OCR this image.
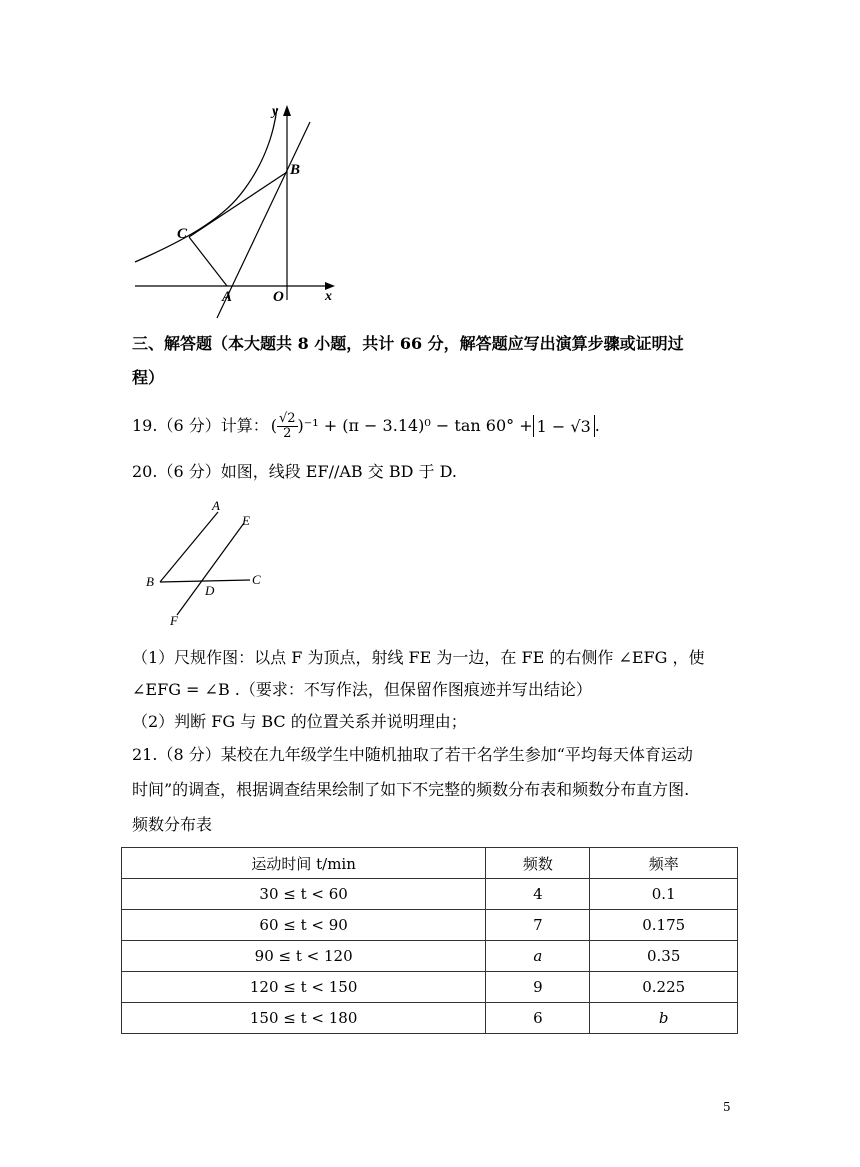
y
x
B
C
A	O
三、解答题（本大题共 8 小题，共计 66 分，解答题应写出演算步骤或证明过
程）
19.（6 分）计算： ( $\frac{√2}{2} )^{-1} + (\pi - 3.14)^0 - \tan 60^\circ + 1 - √3$ .
20.（6 分）如图，线段 EF//AB 交 BD 于 D.
A
E
B	C
D
F
（1）尺规作图：以点 F 为顶点，射线 FE 为一边，在 FE 的右侧作 ∠EFG ，使
∠EFG = ∠B .（要求：不写作法，但保留作图痕迹并写出结论）
（2）判断 FG 与 BC 的位置关系并说明理由；
21.（8 分）某校在九年级学生中随机抽取了若干名学生参加“平均每天体育运动
时间”的调查，根据调查结果绘制了如下不完整的频数分布表和频数分布直方图.
频数分布表
运动时间 t/min	频数	频率
30 ≤ t < 60	4	0.1
60 ≤ t < 90	7	0.175
90 ≤ t < 120	a	0.35
120 ≤ t < 150	9	0.225
150 ≤ t < 180	6	b
5
